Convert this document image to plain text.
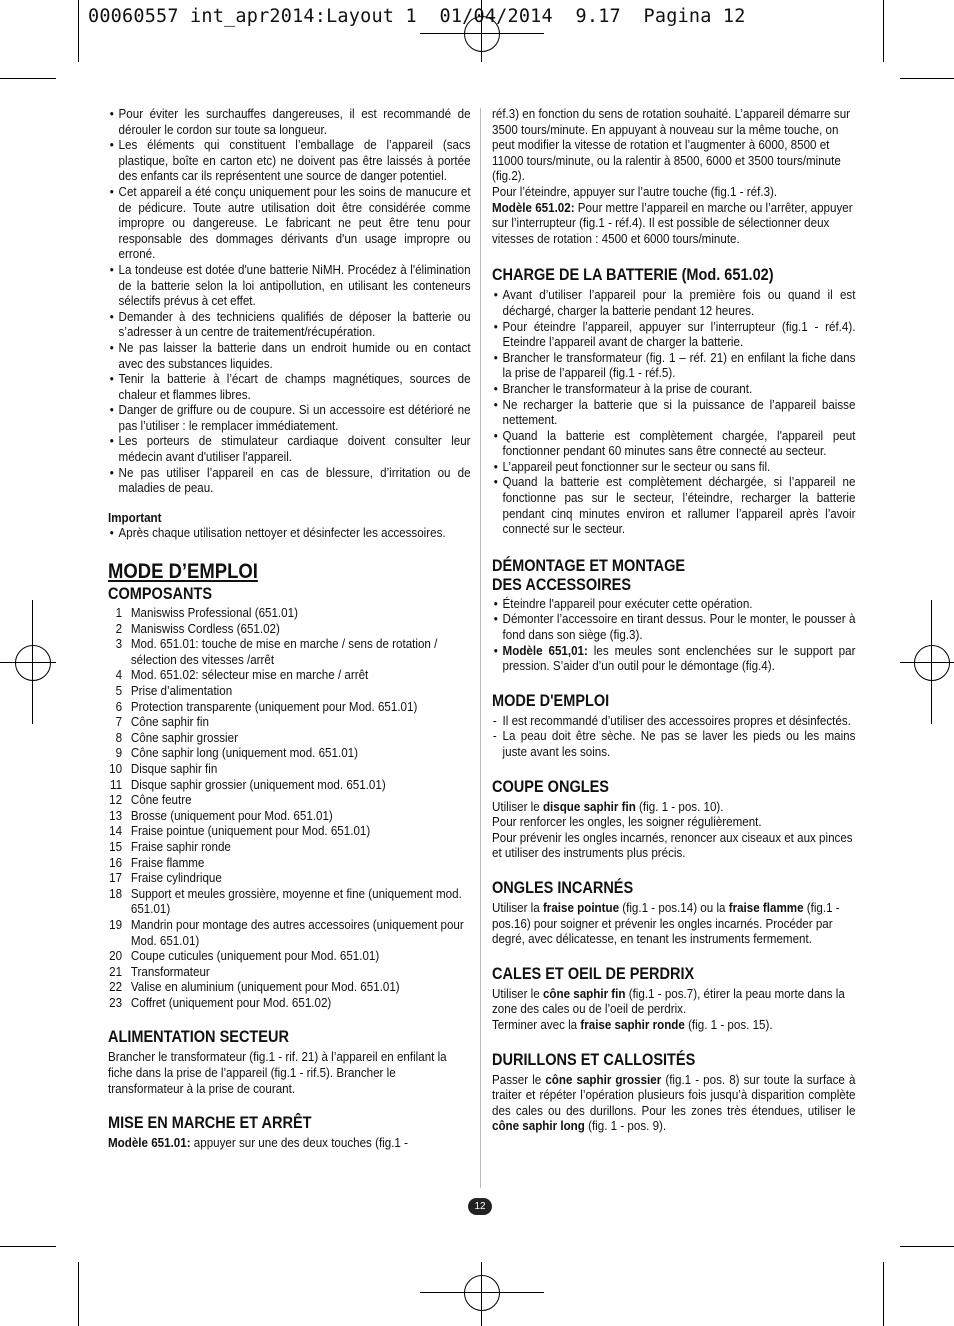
00060557 int_apr2014:Layout 1  01/04/2014  9.17  Pagina 12

• Pour éviter les surchauffes dangereuses, il est recommandé de dérouler le cordon sur toute sa longueur.

• Les éléments qui constituent l’emballage de l’appareil (sacs plastique, boîte en carton etc) ne doivent pas être laissés à portée des enfants car ils représentent une source de danger potentiel.

• Cet appareil a été conçu uniquement pour les soins de manucure et de pédicure. Toute autre utilisation doit être considérée comme impropre ou dangereuse. Le fabricant ne peut être tenu pour responsable des dommages dérivants d'un usage impropre ou erroné.

• La tondeuse est dotée d'une batterie NiMH. Procédez à l'élimination de la batterie selon la loi antipollution, en utilisant les conteneurs sélectifs prévus à cet effet.

• Demander à des techniciens qualifiés de déposer la batterie ou s’adresser à un centre de traitement/récupération.

• Ne pas laisser la batterie dans un endroit humide ou en contact avec des substances liquides.

• Tenir la batterie à l’écart de champs magnétiques, sources de chaleur et flammes libres.

• Danger de griffure ou de coupure. Si un accessoire est détérioré ne pas l’utiliser : le remplacer immédiatement.

• Les porteurs de stimulateur cardiaque doivent consulter leur médecin avant d'utiliser l'appareil.

• Ne pas utiliser l’appareil en cas de blessure, d’irritation ou de maladies de peau.

Important

• Après chaque utilisation nettoyer et désinfecter les accessoires.

MODE D’EMPLOI
COMPOSANTS

1 Maniswiss Professional (651.01)

2 Maniswiss Cordless (651.02)

3 Mod. 651.01: touche de mise en marche / sens de rotation / sélection des vitesses /arrêt

4 Mod. 651.02: sélecteur mise en marche / arrêt

5 Prise d’alimentation

6 Protection transparente (uniquement pour Mod. 651.01)

7 Cône saphir fin

8 Cône saphir grossier

9 Cône saphir long (uniquement mod. 651.01)

10 Disque saphir fin

11 Disque saphir grossier (uniquement mod. 651.01)

12 Cône feutre

13 Brosse (uniquement pour Mod. 651.01)

14 Fraise pointue (uniquement pour Mod. 651.01)

15 Fraise saphir ronde

16 Fraise flamme

17 Fraise cylindrique

18 Support et meules grossière, moyenne et fine (uniquement mod. 651.01)

19 Mandrin pour montage des autres accessoires (uniquement pour Mod. 651.01)

20 Coupe cuticules (uniquement pour Mod. 651.01)

21 Transformateur

22 Valise en aluminium (uniquement pour Mod. 651.01)

23 Coffret (uniquement pour Mod. 651.02)

ALIMENTATION SECTEUR

Brancher le transformateur (fig.1 - rif. 21) à l’appareil en enfilant la fiche dans la prise de l’appareil (fig.1 - rif.5). Brancher le transformateur à la prise de courant.

MISE EN MARCHE ET ARRÊT

Modèle 651.01: appuyer sur une des deux touches (fig.1 -

réf.3) en fonction du sens de rotation souhaité. L’appareil démarre sur 3500 tours/minute. En appuyant à nouveau sur la même touche, on peut modifier la vitesse de rotation et l’augmenter à 6000, 8500 et 11000 tours/minute, ou la ralentir à 8500, 6000 et 3500 tours/minute (fig.2).

Pour l’éteindre, appuyer sur l’autre touche (fig.1 - réf.3).

Modèle 651.02: Pour mettre l’appareil en marche ou l’arrêter, appuyer sur l’interrupteur (fig.1 - réf.4). Il est possible de sélectionner deux vitesses de rotation : 4500 et 6000 tours/minute.

CHARGE DE LA BATTERIE (Mod. 651.02)

• Avant d’utiliser l’appareil pour la première fois ou quand il est déchargé, charger la batterie pendant 12 heures.

• Pour éteindre l’appareil, appuyer sur l’interrupteur (fig.1 - réf.4). Eteindre l’appareil avant de charger la batterie.

• Brancher le transformateur (fig. 1 – réf. 21) en enfilant la fiche dans la prise de l’appareil (fig.1 - réf.5).

• Brancher le transformateur à la prise de courant.

• Ne recharger la batterie que si la puissance de l’appareil baisse nettement.

• Quand la batterie est complètement chargée, l'appareil peut fonctionner pendant 60 minutes sans être connecté au secteur.

• L’appareil peut fonctionner sur le secteur ou sans fil.

• Quand la batterie est complètement déchargée, si l’appareil ne fonctionne pas sur le secteur, l’éteindre, recharger la batterie pendant cinq minutes environ et rallumer l’appareil après l’avoir connecté sur le secteur.

DÉMONTAGE ET MONTAGE
DES ACCESSOIRES

• Éteindre l'appareil pour exécuter cette opération.

• Démonter l’accessoire en tirant dessus. Pour le monter, le pousser à fond dans son siège (fig.3).

• Modèle 651,01: les meules sont enclenchées sur le support par pression. S’aider d’un outil pour le démontage (fig.4).

MODE D'EMPLOI

- Il est recommandé d’utiliser des accessoires propres et désinfectés.

- La peau doit être sèche. Ne pas se laver les pieds ou les mains juste avant les soins.

COUPE ONGLES

Utiliser le disque saphir fin (fig. 1 - pos. 10).

Pour renforcer les ongles, les soigner régulièrement.

Pour prévenir les ongles incarnés, renoncer aux ciseaux et aux pinces et utiliser des instruments plus précis.

ONGLES INCARNÉS

Utiliser la fraise pointue (fig.1 - pos.14) ou la fraise flamme (fig.1 - pos.16) pour soigner et prévenir les ongles incarnés. Procéder par degré, avec délicatesse, en tenant les instruments fermement.

CALES ET OEIL DE PERDRIX

Utiliser le cône saphir fin (fig.1 - pos.7), étirer la peau morte dans la zone des cales ou de l’oeil de perdrix.

Terminer avec la fraise saphir ronde (fig. 1 - pos. 15).

DURILLONS ET CALLOSITÉS

Passer le cône saphir grossier (fig.1 - pos. 8) sur toute la surface à traiter et répéter l’opération plusieurs fois jusqu’à disparition complète des cales ou des durillons. Pour les zones très étendues, utiliser le cône saphir long (fig. 1 - pos. 9).

12
